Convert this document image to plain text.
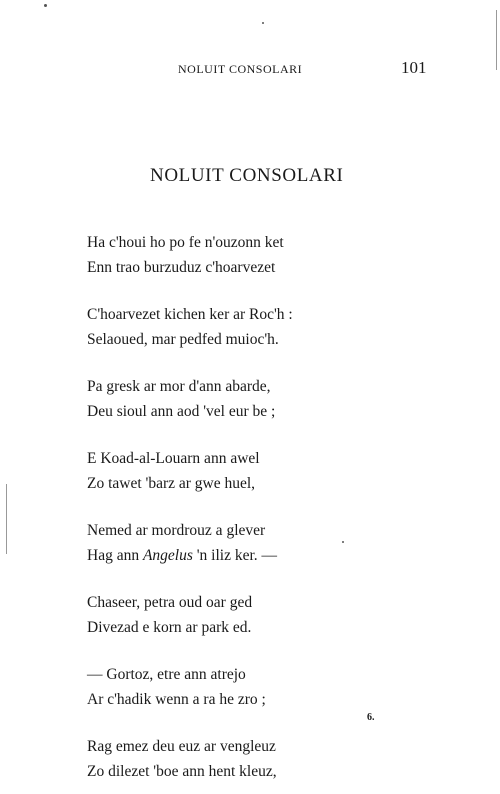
NOLUIT CONSOLARI	101
NOLUIT CONSOLARI
Ha c'houi ho po fe n'ouzonn ket
Enn trao burzuduz c'hoarvezet
C'hoarvezet kichen ker ar Roc'h :
Selaoued, mar pedfed muioc'h.
Pa gresk ar mor d'ann abarde,
Deu sioul ann aod 'vel eur be ;
E Koad-al-Louarn ann awel
Zo tawet 'barz ar gwe huel,
Nemed ar mordrouz a glever
Hag ann Angelus 'n iliz ker. —
Chaseer, petra oud oar ged
Divezad e korn ar park ed.
— Gortoz, etre ann atrejo
Ar c'hadik wenn a ra he zro ;
Rag emez deu euz ar vengleuz
Zo dilezet 'boe ann hent kleuz,
6.
